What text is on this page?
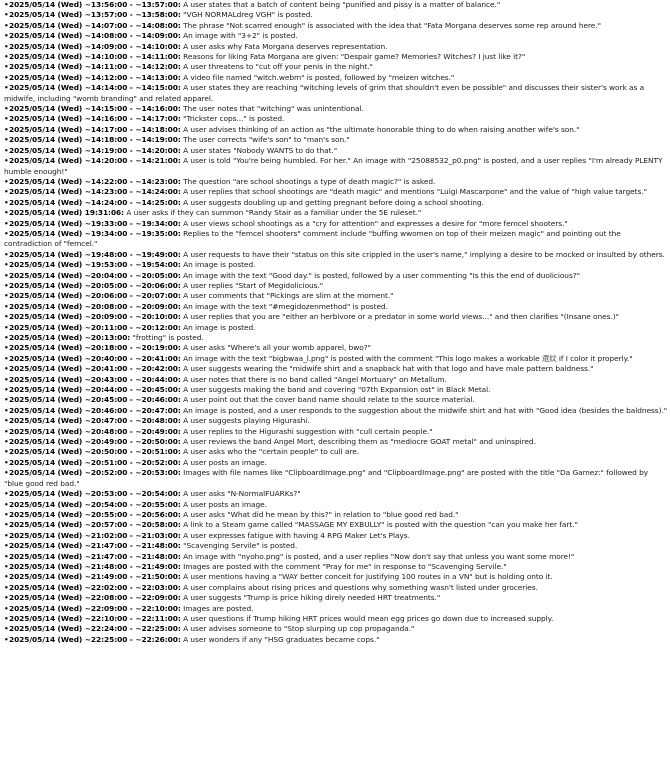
• 2025/05/14 (Wed) ~13:56:00 - ~13:57:00: A user states that a batch of content being "punified and pissy is a matter of balance."
• 2025/05/14 (Wed) ~13:57:00 - ~13:58:00: "VGH NORMALdreg VGH" is posted.
• 2025/05/14 (Wed) ~14:07:00 - ~14:08:00: The phrase "Not scarred enough" is associated with the idea that "Fata Morgana deserves some rep around here."
• 2025/05/14 (Wed) ~14:08:00 - ~14:09:00: An image with "3+2" is posted.
• 2025/05/14 (Wed) ~14:09:00 - ~14:10:00: A user asks why Fata Morgana deserves representation.
• 2025/05/14 (Wed) ~14:10:00 - ~14:11:00: Reasons for liking Fata Morgana are given: "Despair game? Memories? Witches? I just like it?"
• 2025/05/14 (Wed) ~14:11:00 - ~14:12:00: A user threatens to "cut off your penis in the night."
• 2025/05/14 (Wed) ~14:12:00 - ~14:13:00: A video file named "witch.webm" is posted, followed by "meizen witches."
• 2025/05/14 (Wed) ~14:14:00 - ~14:15:00: A user states they are reaching "witching levels of grim that shouldn't even be possible" and discusses their sister's work as a midwife, including "womb branding" and related apparel.
• 2025/05/14 (Wed) ~14:15:00 - ~14:16:00: The user notes that "witching" was unintentional.
• 2025/05/14 (Wed) ~14:16:00 - ~14:17:00: "Trickster cops..." is posted.
• 2025/05/14 (Wed) ~14:17:00 - ~14:18:00: A user advises thinking of an action as "the ultimate honorable thing to do when raising another wife's son."
• 2025/05/14 (Wed) ~14:18:00 - ~14:19:00: The user corrects "wife's son" to "man's son."
• 2025/05/14 (Wed) ~14:19:00 - ~14:20:00: A user states "Nobody WANTS to do that."
• 2025/05/14 (Wed) ~14:20:00 - ~14:21:00: A user is told "You're being humbled. For her." An image with "25088532_p0.png" is posted, and a user replies "I'm already PLENTY humble enough!"
• 2025/05/14 (Wed) ~14:22:00 - ~14:23:00: The question "are school shootings a type of death magic?" is asked.
• 2025/05/14 (Wed) ~14:23:00 - ~14:24:00: A user replies that school shootings are "death magic" and mentions "Luigi Mascarpone" and the value of "high value targets."
• 2025/05/14 (Wed) ~14:24:00 - ~14:25:00: A user suggests doubling up and getting pregnant before doing a school shooting.
• 2025/05/14 (Wed) 19:31:06: A user asks if they can summon "Randy Stair as a familiar under the 5E ruleset."
• 2025/05/14 (Wed) ~19:33:00 - ~19:34:00: A user views school shootings as a "cry for attention" and expresses a desire for "more femcel shooters."
• 2025/05/14 (Wed) ~19:34:00 - ~19:35:00: Replies to the "femcel shooters" comment include "buffing wwomen on top of their meizen magic" and pointing out the contradiction of "femcel."
• 2025/05/14 (Wed) ~19:48:00 - ~19:49:00: A user requests to have their "status on this site crippled in the user's name," implying a desire to be mocked or insulted by others.
• 2025/05/14 (Wed) ~19:53:00 - ~19:54:00: An image is posted.
• 2025/05/14 (Wed) ~20:04:00 - ~20:05:00: An image with the text "Good day." is posted, followed by a user commenting "Is this the end of duolicious?"
• 2025/05/14 (Wed) ~20:05:00 - ~20:06:00: A user replies "Start of Megidolicious."
• 2025/05/14 (Wed) ~20:06:00 - ~20:07:00: A user comments that "Pickings are slim at the moment."
• 2025/05/14 (Wed) ~20:08:00 - ~20:09:00: An image with the text "#megidozenmethod" is posted.
• 2025/05/14 (Wed) ~20:09:00 - ~20:10:00: A user replies that you are "either an herbivore or a predator in some world views..." and then clarifies "(Insane ones.)"
• 2025/05/14 (Wed) ~20:11:00 - ~20:12:00: An image is posted.
• 2025/05/14 (Wed) ~20:13:00: "frotting" is posted.
• 2025/05/14 (Wed) ~20:18:00 - ~20:19:00: A user asks "Where's all your womb apparel, bwo?"
• 2025/05/14 (Wed) ~20:40:00 - ~20:41:00: An image with the text "bigbwaa_l.png" is posted with the comment "This logo makes a workable 還紋 if I color it properly."
• 2025/05/14 (Wed) ~20:41:00 - ~20:42:00: A user suggests wearing the "midwife shirt and a snapback hat with that logo and have male pattern baldness."
• 2025/05/14 (Wed) ~20:43:00 - ~20:44:00: A user notes that there is no band called "Angel Mortuary" on Metallum.
• 2025/05/14 (Wed) ~20:44:00 - ~20:45:00: A user suggests making the band and covering "07th Expansion ost" in Black Metal.
• 2025/05/14 (Wed) ~20:45:00 - ~20:46:00: A user point out that the cover band name should relate to the source material.
• 2025/05/14 (Wed) ~20:46:00 - ~20:47:00: An image is posted, and a user responds to the suggestion about the midwife shirt and hat with "Good idea (besides the baldness)."
• 2025/05/14 (Wed) ~20:47:00 - ~20:48:00: A user suggests playing Higurashi.
• 2025/05/14 (Wed) ~20:48:00 - ~20:49:00: A user replies to the Higurashi suggestion with "cull certain people."
• 2025/05/14 (Wed) ~20:49:00 - ~20:50:00: A user reviews the band Angel Mort, describing them as "mediocre GOAT metal" and uninspired.
• 2025/05/14 (Wed) ~20:50:00 - ~20:51:00: A user asks who the "certain people" to cull are.
• 2025/05/14 (Wed) ~20:51:00 - ~20:52:00: A user posts an image.
• 2025/05/14 (Wed) ~20:52:00 - ~20:53:00: Images with file names like "ClipboardImage.png" and "ClipboardImage.png" are posted with the title "Da Gamez:" followed by "blue good red bad."
• 2025/05/14 (Wed) ~20:53:00 - ~20:54:00: A user asks "N-NormalFUARKs?"
• 2025/05/14 (Wed) ~20:54:00 - ~20:55:00: A user posts an image.
• 2025/05/14 (Wed) ~20:55:00 - ~20:56:00: A user asks "What did he mean by this?" in relation to "blue good red bad."
• 2025/05/14 (Wed) ~20:57:00 - ~20:58:00: A link to a Steam game called "MASSAGE MY EXBULLY" is posted with the question "can you make her fart."
• 2025/05/14 (Wed) ~21:02:00 - ~21:03:00: A user expresses fatigue with having 4 RPG Maker Let's Plays.
• 2025/05/14 (Wed) ~21:47:00 - ~21:48:00: "Scavenging Servile" is posted.
• 2025/05/14 (Wed) ~21:47:00 - ~21:48:00: An image with "nyoho.png" is posted, and a user replies "Now don't say that unless you want some more!"
• 2025/05/14 (Wed) ~21:48:00 - ~21:49:00: Images are posted with the comment "Pray for me" in response to "Scavenging Servile."
• 2025/05/14 (Wed) ~21:49:00 - ~21:50:00: A user mentions having a "WAY better conceit for justifying 100 routes in a VN" but is holding onto it.
• 2025/05/14 (Wed) ~22:02:00 - ~22:03:00: A user complains about rising prices and questions why something wasn't listed under groceries.
• 2025/05/14 (Wed) ~22:08:00 - ~22:09:00: A user suggests "Trump is price hiking direly needed HRT treatments."
• 2025/05/14 (Wed) ~22:09:00 - ~22:10:00: Images are posted.
• 2025/05/14 (Wed) ~22:10:00 - ~22:11:00: A user questions if Trump hiking HRT prices would mean egg prices go down due to increased supply.
• 2025/05/14 (Wed) ~22:24:00 - ~22:25:00: A user advises someone to "Stop slurping up cop propaganda."
• 2025/05/14 (Wed) ~22:25:00 - ~22:26:00: A user wonders if any "HSG graduates became cops."
